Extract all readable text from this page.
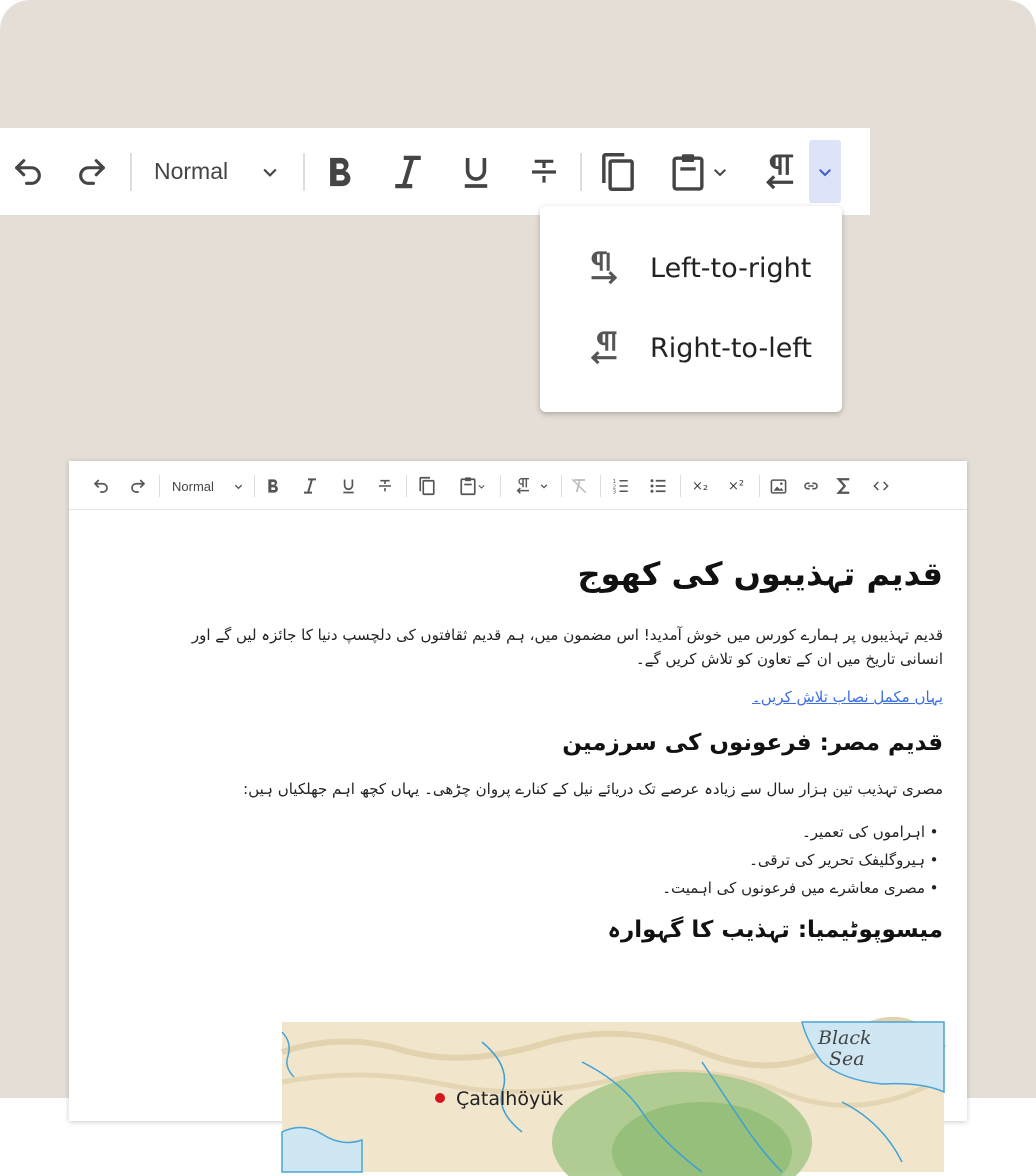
Normal
Left-to-right
Right-to-left
Normal	1
2
3	×₂ ×²
قدیم تہذیبوں کی کھوج
قدیم تہذیبوں پر ہمارے کورس میں خوش آمدید! اس مضمون میں، ہم قدیم ثقافتوں کی دلچسپ دنیا کا جائزہ لیں گے اور
انسانی تاریخ میں ان کے تعاون کو تلاش کریں گے۔
یہاں مکمل نصاب تلاش کریں۔
قدیم مصر: فرعونوں کی سرزمین
مصری تہذیب تین ہزار سال سے زیادہ عرصے تک دریائے نیل کے کنارے پروان چڑھی۔ یہاں کچھ اہم جھلکیاں ہیں:
•اہراموں کی تعمیر۔
•ہیروگلیفک تحریر کی ترقی۔
•مصری معاشرے میں فرعونوں کی اہمیت۔
میسوپوٹیمیا: تہذیب کا گہوارہ
Black
Sea
Çatalhöyük
